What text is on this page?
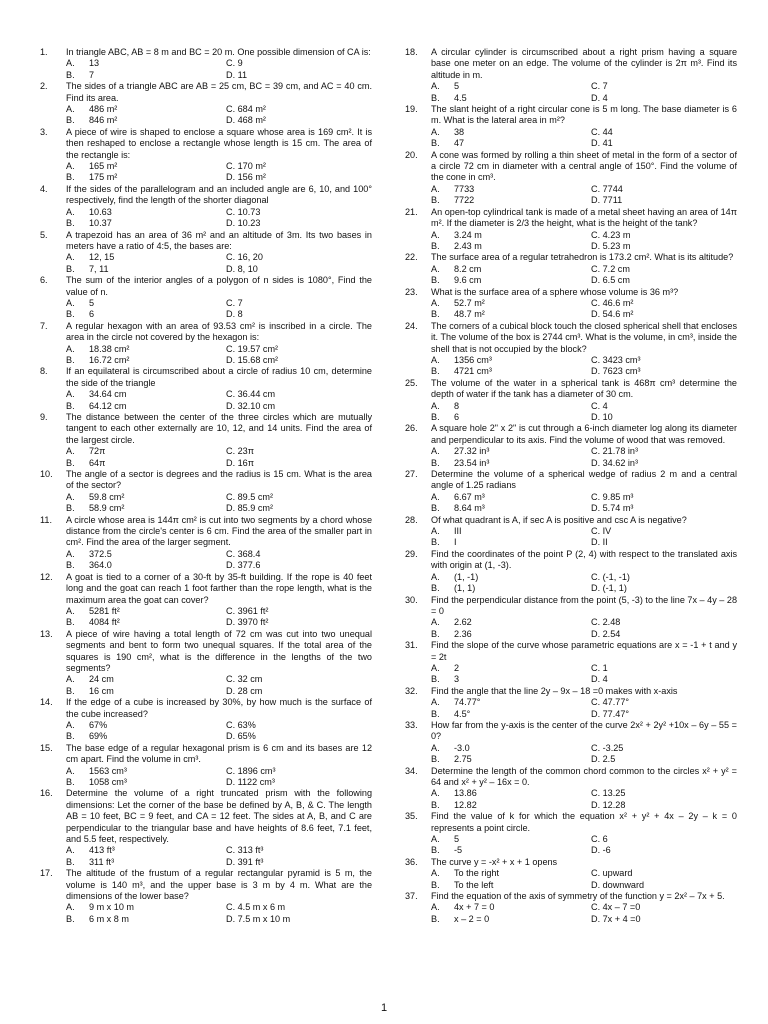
1.	In triangle ABC, AB = 8 m and BC = 20 m. One possible dimension of CA is:
A.	13	C. 9
B.	7	D. 11
2.	The sides of a triangle ABC are AB = 25 cm, BC = 39 cm, and AC = 40 cm. Find its area.
A.	486 m²	C. 684 m²
B.	846 m²	D. 468 m²
3.	A piece of wire is shaped to enclose a square whose area is 169 cm². It is then reshaped to enclose a rectangle whose length is 15 cm. The area of the rectangle is:
A.	165 m²	C. 170 m²
B.	175 m²	D. 156 m²
4.	If the sides of the parallelogram and an included angle are 6, 10, and 100° respectively, find the length of the shorter diagonal
A.	10.63	C. 10.73
B.	10.37	D. 10.23
5.	A trapezoid has an area of 36 m² and an altitude of 3m. Its two bases in meters have a ratio of 4:5, the bases are:
A.	12, 15	C. 16, 20
B.	7, 11	D. 8, 10
6.	The sum of the interior angles of a polygon of n sides is 1080°, Find the value of n.
A.	5	C. 7
B.	6	D. 8
7.	A regular hexagon with an area of 93.53 cm² is inscribed in a circle. The area in the circle not covered by the hexagon is:
A.	18.38 cm²	C. 19.57 cm²
B.	16.72 cm²	D. 15.68 cm²
8.	If an equilateral is circumscribed about a circle of radius 10 cm, determine the side of the triangle
A.	34.64 cm	C. 36.44 cm
B.	64.12 cm	D. 32.10 cm
9.	The distance between the center of the three circles which are mutually tangent to each other externally are 10, 12, and 14 units. Find the area of the largest circle.
A.	72π	C. 23π
B.	64π	D. 16π
10.	The angle of a sector is degrees and the radius is 15 cm. What is the area of the sector?
A.	59.8 cm²	C. 89.5 cm²
B.	58.9 cm²	D. 85.9 cm²
11.	A circle whose area is 144π cm² is cut into two segments by a chord whose distance from the circle's center is 6 cm. Find the area of the smaller part in cm². Find the area of the larger segment.
A.	372.5	C. 368.4
B.	364.0	D. 377.6
12.	A goat is tied to a corner of a 30-ft by 35-ft building. If the rope is 40 feet long and the goat can reach 1 foot farther than the rope length, what is the maximum area the goat can cover?
A.	5281 ft²	C. 3961 ft²
B.	4084 ft²	D. 3970 ft²
13.	A piece of wire having a total length of 72 cm was cut into two unequal segments and bent to form two unequal squares. If the total area of the squares is 190 cm², what is the difference in the lengths of the two segments?
A.	24 cm	C. 32 cm
B.	16 cm	D. 28 cm
14.	If the edge of a cube is increased by 30%, by how much is the surface of the cube increased?
A.	67%	C. 63%
B.	69%	D. 65%
15.	The base edge of a regular hexagonal prism is 6 cm and its bases are 12 cm apart. Find the volume in cm³.
A.	1563 cm³	C. 1896 cm³
B.	1058 cm³	D. 1122 cm³
16.	Determine the volume of a right truncated prism with the following dimensions: Let the corner of the base be defined by A, B, & C. The length AB = 10 feet, BC = 9 feet, and CA = 12 feet. The sides at A, B, and C are perpendicular to the triangular base and have heights of 8.6 feet, 7.1 feet, and 5.5 feet, respectively.
A.	413 ft³	C. 313 ft³
B.	311 ft³	D. 391 ft³
17.	The altitude of the frustum of a regular rectangular pyramid is 5 m, the volume is 140 m³, and the upper base is 3 m by 4 m. What are the dimensions of the lower base?
A.	9 m x 10 m	C. 4.5 m x 6 m
B.	6 m x 8 m	D. 7.5 m x 10 m
18.	A circular cylinder is circumscribed about a right prism having a square base one meter on an edge. The volume of the cylinder is 2π m³. Find its altitude in m.
A.	5	C. 7
B.	4.5	D. 4
19.	The slant height of a right circular cone is 5 m long. The base diameter is 6 m. What is the lateral area in m²?
A.	38	C. 44
B.	47	D. 41
20.	A cone was formed by rolling a thin sheet of metal in the form of a sector of a circle 72 cm in diameter with a central angle of 150°. Find the volume of the cone in cm³.
A.	7733	C. 7744
B.	7722	D. 7711
21.	An open-top cylindrical tank is made of a metal sheet having an area of 14π m². If the diameter is 2/3 the height, what is the height of the tank?
A.	3.24 m	C. 4.23 m
B.	2.43 m	D. 5.23 m
22.	The surface area of a regular tetrahedron is 173.2 cm². What is its altitude?
A.	8.2 cm	C. 7.2 cm
B.	9.6 cm	D. 6.5 cm
23.	What is the surface area of a sphere whose volume is 36 m³?
A.	52.7 m²	C. 46.6 m²
B.	48.7 m²	D. 54.6 m²
24.	The corners of a cubical block touch the closed spherical shell that encloses it. The volume of the box is 2744 cm³. What is the volume, in cm³, inside the shell that is not occupied by the block?
A.	1356 cm³	C. 3423 cm³
B.	4721 cm³	D. 7623 cm³
25.	The volume of the water in a spherical tank is 468π cm³ determine the depth of water if the tank has a diameter of 30 cm.
A.	8	C. 4
B.	6	D. 10
26.	A square hole 2" x 2" is cut through a 6-inch diameter log along its diameter and perpendicular to its axis. Find the volume of wood that was removed.
A.	27.32 in³	C. 21.78 in³
B.	23.54 in³	D. 34.62 in³
27.	Determine the volume of a spherical wedge of radius 2 m and a central angle of 1.25 radians
A.	6.67 m³	C. 9.85 m³
B.	8.64 m³	D. 5.74 m³
28.	Of what quadrant is A, if sec A is positive and csc A is negative?
A.	III	C. IV
B.	I	D. II
29.	Find the coordinates of the point P (2, 4) with respect to the translated axis with origin at (1, -3).
A.	(1, -1)	C. (-1, -1)
B.	(1, 1)	D. (-1, 1)
30.	Find the perpendicular distance from the point (5, -3) to the line 7x – 4y – 28 = 0
A.	2.62	C. 2.48
B.	2.36	D. 2.54
31.	Find the slope of the curve whose parametric equations are x = -1 + t and y = 2t
A.	2	C. 1
B.	3	D. 4
32.	Find the angle that the line 2y – 9x – 18 =0 makes with x-axis
A.	74.77°	C. 47.77°
B.	4.5°	D. 77.47°
33.	How far from the y-axis is the center of the curve 2x² + 2y² +10x – 6y – 55 = 0?
A.	-3.0	C. -3.25
B.	2.75	D. 2.5
34.	Determine the length of the common chord common to the circles x² + y² = 64 and x² + y² – 16x = 0.
A.	13.86	C. 13.25
B.	12.82	D. 12.28
35.	Find the value of k for which the equation x² + y² + 4x – 2y – k = 0 represents a point circle.
A.	5	C. 6
B.	-5	D. -6
36.	The curve y = -x² + x + 1 opens
A.	To the right	C. upward
B.	To the left	D. downward
37.	Find the equation of the axis of symmetry of the function y = 2x² – 7x + 5.
A.	4x + 7 = 0	C. 4x – 7 =0
B.	x – 2 = 0	D. 7x + 4 =0
1
